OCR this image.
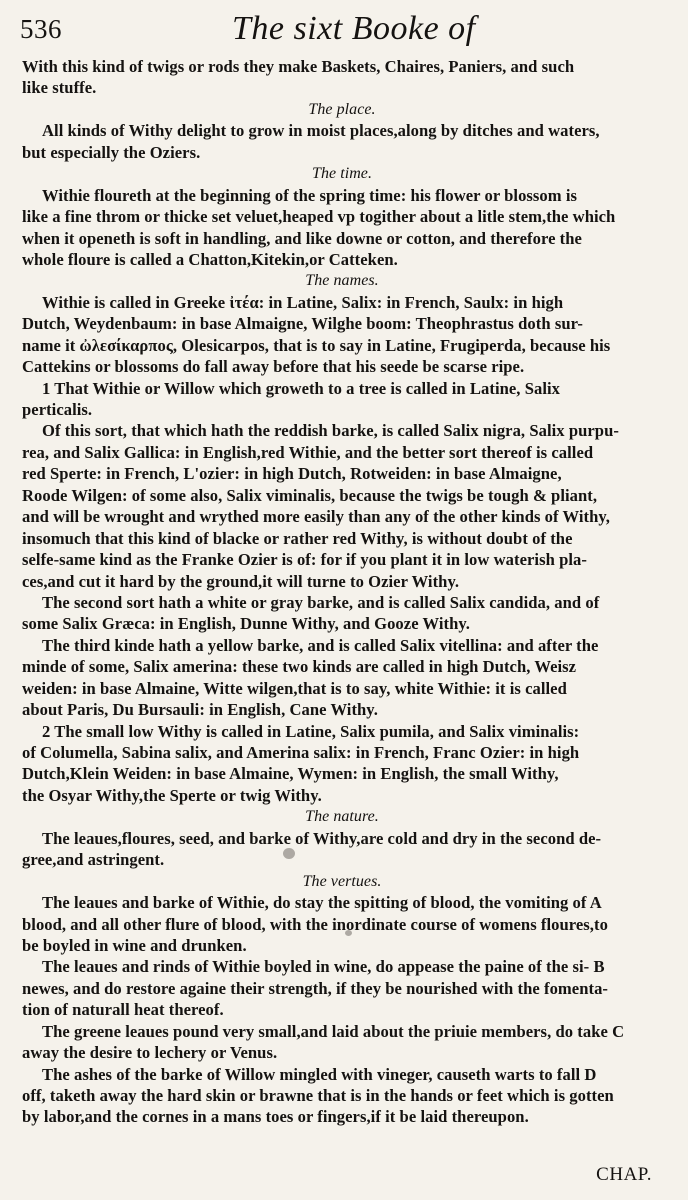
536	The sixt Booke of
With this kind of twigs or rods they make Baskets, Chaires, Paniers, and such
like stuffe.
The place.
All kinds of Withy delight to grow in moist places,along by ditches and waters,
but especially the Oziers.
The time.
Withie floureth at the beginning of the spring time: his flower or blossom is
like a fine throm or thicke set veluet,heaped vp togither about a litle stem,the which
when it openeth is soft in handling, and like downe or cotton, and therefore the
whole floure is called a Chatton,Kitekin,or Catteken.
The names.
Withie is called in Greeke ἰτέα: in Latine, Salix: in French, Saulx: in high
Dutch, Weydenbaum: in base Almaigne, Wilghe boom: Theophrastus doth sur-
name it ὠλεσίκαρπος, Olesicarpos, that is to say in Latine, Frugiperda, because his
Cattekins or blossoms do fall away before that his seede be scarse ripe.
1 That Withie or Willow which groweth to a tree is called in Latine, Salix
perticalis.
Of this sort, that which hath the reddish barke, is called Salix nigra, Salix purpu-
rea, and Salix Gallica: in English,red Withie, and the better sort thereof is called
red Sperte: in French, L'ozier: in high Dutch, Rotweiden: in base Almaigne,
Roode Wilgen: of some also, Salix viminalis, because the twigs be tough & pliant,
and will be wrought and wrythed more easily than any of the other kinds of Withy,
insomuch that this kind of blacke or rather red Withy, is without doubt of the
selfe-same kind as the Franke Ozier is of: for if you plant it in low waterish pla-
ces,and cut it hard by the ground,it will turne to Ozier Withy.
The second sort hath a white or gray barke, and is called Salix candida, and of
some Salix Græca: in English, Dunne Withy, and Gooze Withy.
The third kinde hath a yellow barke, and is called Salix vitellina: and after the
minde of some, Salix amerina: these two kinds are called in high Dutch, Weisz
weiden: in base Almaine, Witte wilgen,that is to say, white Withie: it is called
about Paris, Du Bursauli: in English, Cane Withy.
2 The small low Withy is called in Latine, Salix pumila, and Salix viminalis:
of Columella, Sabina salix, and Amerina salix: in French, Franc Ozier: in high
Dutch,Klein Weiden: in base Almaine, Wymen: in English, the small Withy,
the Osyar Withy,the Sperte or twig Withy.
The nature.
The leaues,floures, seed, and barke of Withy,are cold and dry in the second de-
gree,and astringent.
The vertues.
The leaues and barke of Withie, do stay the spitting of blood, the vomiting of A
blood, and all other flure of blood, with the inordinate course of womens floures,to
be boyled in wine and drunken.
The leaues and rinds of Withie boyled in wine, do appease the paine of the si- B
newes, and do restore againe their strength, if they be nourished with the fomenta-
tion of naturall heat thereof.
The greene leaues pound very small,and laid about the priuie members, do take C
away the desire to lechery or Venus.
The ashes of the barke of Willow mingled with vineger, causeth warts to fall D
off, taketh away the hard skin or brawne that is in the hands or feet which is gotten
by labor,and the cornes in a mans toes or fingers,if it be laid thereupon.
CHAP.
